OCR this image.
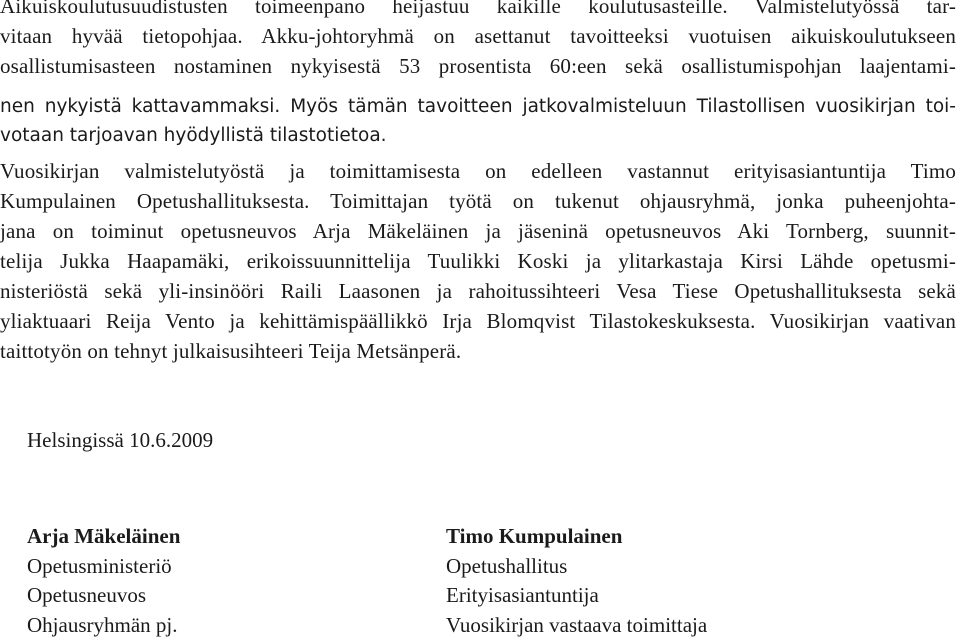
Aikuiskoulutusuudistusten toimeenpano heijastuu kaikille koulutusasteille. Valmistelutyössä tar-
vitaan hyvää tietopohjaa. Akku-johtoryhmä on asettanut tavoitteeksi vuotuisen aikuiskoulutukseen
osallistumisasteen nostaminen nykyisestä 53 prosentista 60:een sekä osallistumispohjan laajentami-
nen nykyistä kattavammaksi. Myös tämän tavoitteen jatkovalmisteluun Tilastollisen vuosikirjan toi-
votaan tarjoavan hyödyllistä tilastotietoa.
Vuosikirjan valmistelutyöstä ja toimittamisesta on edelleen vastannut erityisasiantuntija Timo
Kumpulainen Opetushallituksesta. Toimittajan työtä on tukenut ohjausryhmä, jonka puheenjohta-
jana on toiminut opetusneuvos Arja Mäkeläinen ja jäseninä opetusneuvos Aki Tornberg, suunnit-
telija Jukka Haapamäki, erikoissuunnittelija Tuulikki Koski ja ylitarkastaja Kirsi Lähde opetusmi-
nisteriöstä sekä yli-insinööri Raili Laasonen ja rahoitussihteeri Vesa Tiese Opetushallituksesta sekä
yliaktuaari Reija Vento ja kehittämispäällikkö Irja Blomqvist Tilastokeskuksesta. Vuosikirjan vaativan
taittotyön on tehnyt julkaisusihteeri Teija Metsänperä.
Helsingissä 10.6.2009
Arja Mäkeläinen
Opetusministeriö
Opetusneuvos
Ohjausryhmän pj.
Timo Kumpulainen
Opetushallitus
Erityisasiantuntija
Vuosikirjan vastaava toimittaja
